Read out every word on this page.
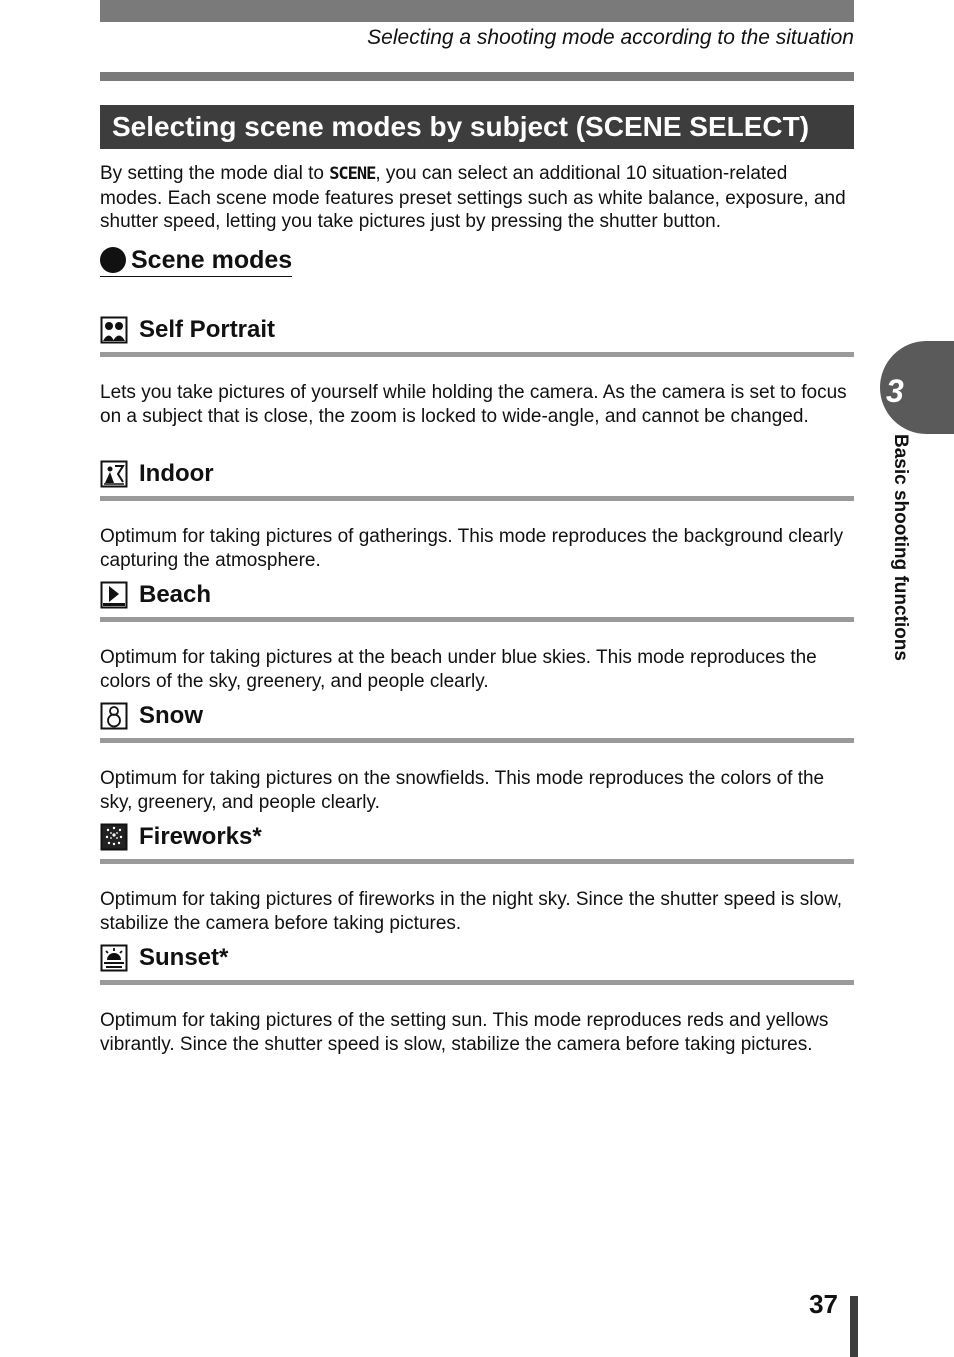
Selecting a shooting mode according to the situation
Selecting scene modes by subject (SCENE SELECT)
By setting the mode dial to SCENE, you can select an additional 10 situation-related modes. Each scene mode features preset settings such as white balance, exposure, and shutter speed, letting you take pictures just by pressing the shutter button.
Scene modes
Self Portrait
Lets you take pictures of yourself while holding the camera. As the camera is set to focus on a subject that is close, the zoom is locked to wide-angle, and cannot be changed.
Indoor
Optimum for taking pictures of gatherings. This mode reproduces the background clearly capturing the atmosphere.
Beach
Optimum for taking pictures at the beach under blue skies. This mode reproduces the colors of the sky, greenery, and people clearly.
Snow
Optimum for taking pictures on the snowfields. This mode reproduces the colors of the sky, greenery, and people clearly.
Fireworks*
Optimum for taking pictures of fireworks in the night sky. Since the shutter speed is slow, stabilize the camera before taking pictures.
Sunset*
Optimum for taking pictures of the setting sun. This mode reproduces reds and yellows vibrantly. Since the shutter speed is slow, stabilize the camera before taking pictures.
3
Basic shooting functions
37
